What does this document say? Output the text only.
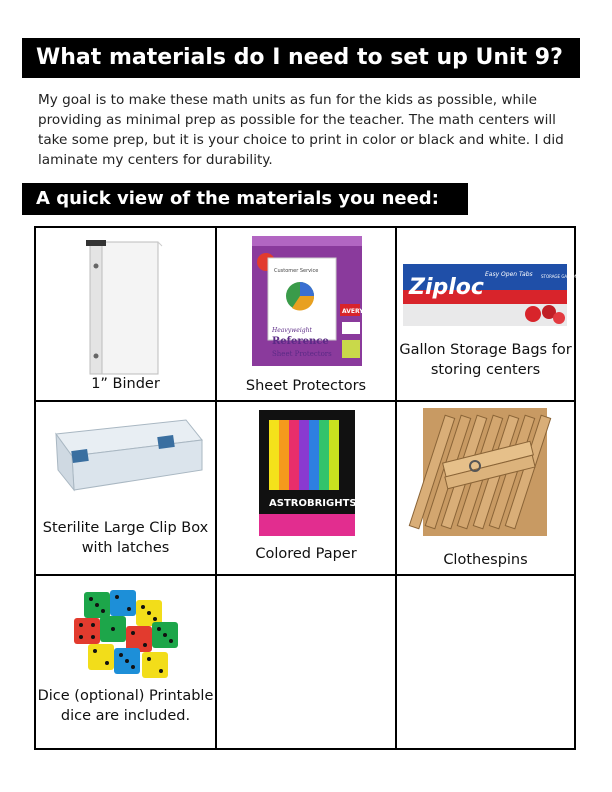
What materials do I need to set up Unit 9?
My goal is to make these math units as fun for the kids as possible, while providing as minimal prep as possible for the teacher. The math centers will take some prep, but it is your choice to print in color or black and white. I did laminate my centers for durability.
A quick view of the materials you need:
1” Binder
Customer Service
Heavyweight
Reference
Sheet Protectors
AVERY
Sheet Protectors
Ziploc
Easy Open Tabs STORAGE GALLON
Gallon Storage Bags for storing centers
Sterilite Large Clip Box with latches
ASTROBRIGHTS
Colored Paper	Clothespins
Dice (optional) Printable dice are included.
